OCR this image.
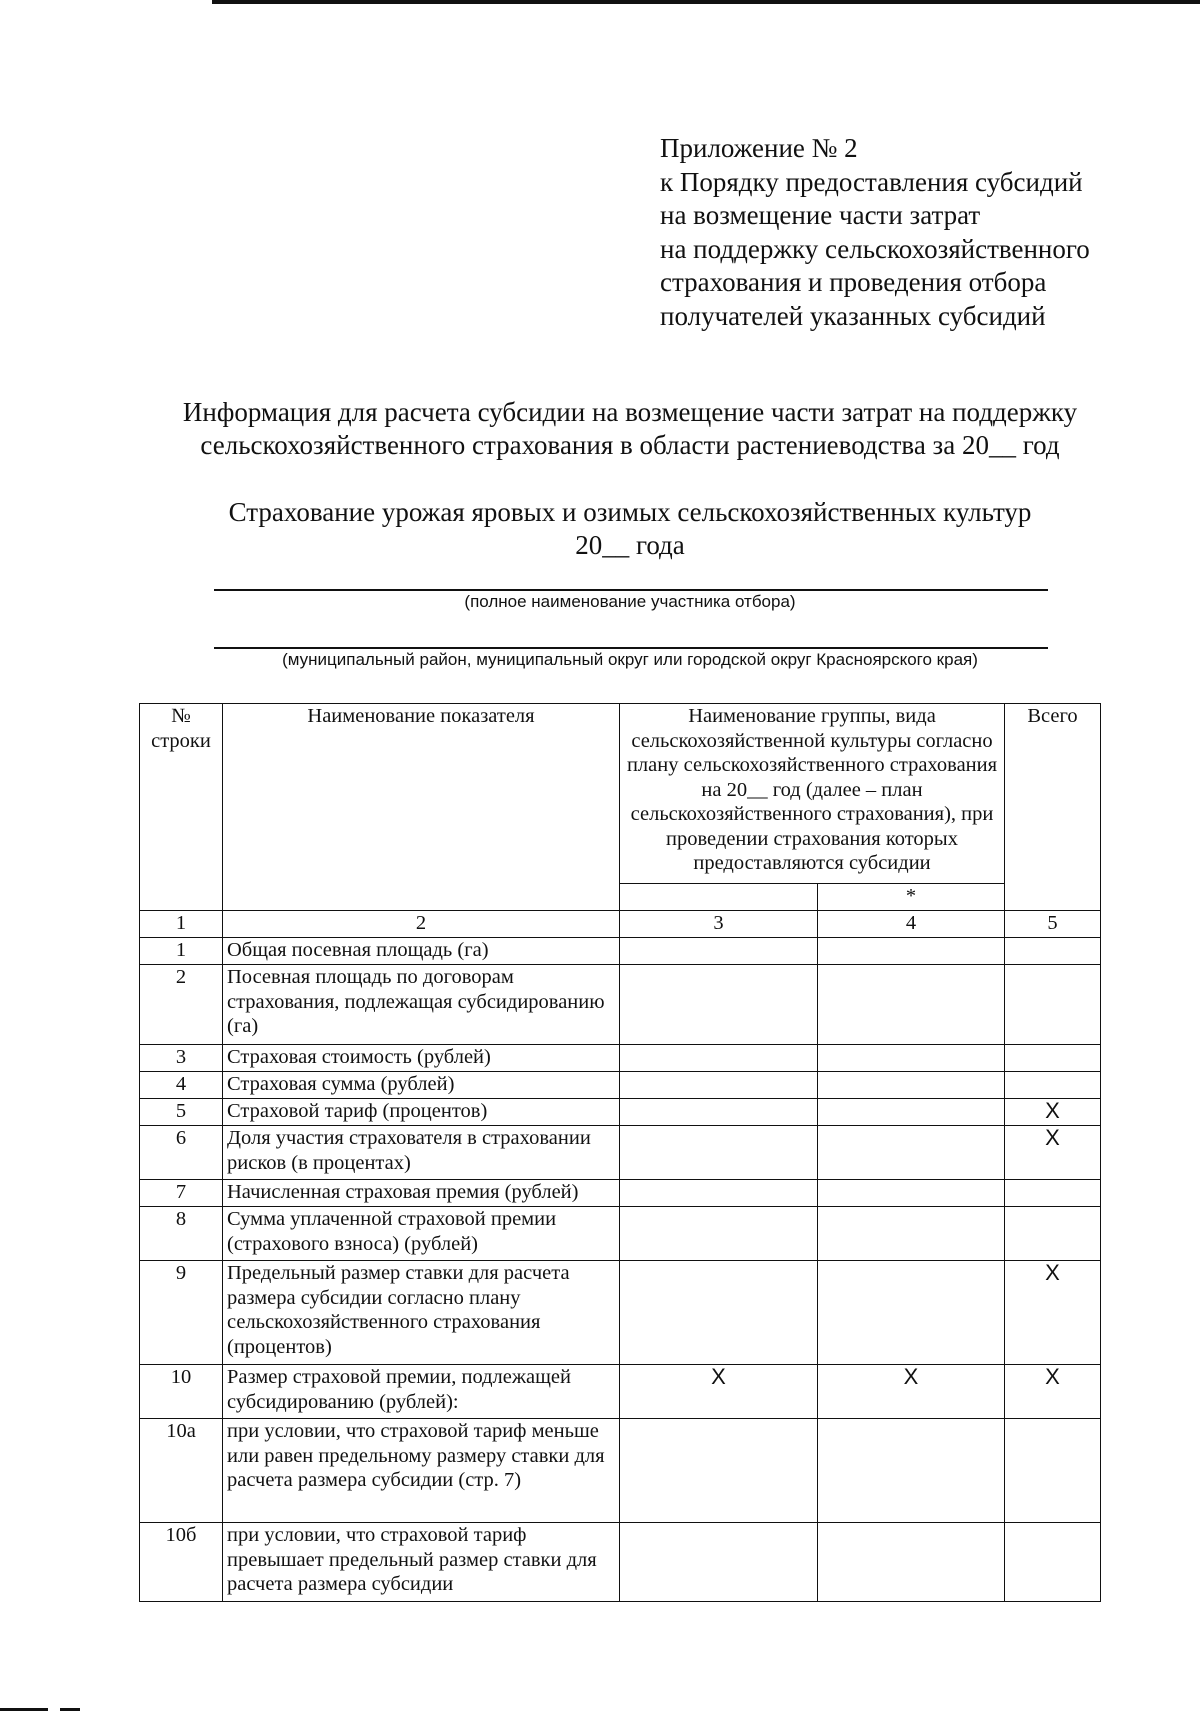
Приложение № 2
к Порядку предоставления субсидий
на возмещение части затрат
на поддержку сельскохозяйственного
страхования и проведения отбора
получателей указанных субсидий
Информация для расчета субсидии на возмещение части затрат на поддержку
сельскохозяйственного страхования в области растениеводства за 20__ год
Страхование урожая яровых и озимых сельскохозяйственных культур
20__ года
(полное наименование участника отбора)
(муниципальный район, муниципальный округ или городской округ Красноярского края)
№ строки	Наименование показателя	Наименование группы, вида сельскохозяйственной культуры согласно плану сельскохозяйственного страхования на 20__ год (далее – план сельскохозяйственного страхования), при проведении страхования которых предоставляются субсидии		Всего
			*	
1	2	3	4	5
1	Общая посевная площадь (га)			
2	Посевная площадь по договорам страхования, подлежащая субсидированию (га)			
3	Страховая стоимость (рублей)			
4	Страховая сумма (рублей)			
5	Страховой тариф (процентов)			X
6	Доля участия страхователя в страховании рисков (в процентах)			X
7	Начисленная страховая премия (рублей)			
8	Сумма уплаченной страховой премии (страхового взноса) (рублей)			
9	Предельный размер ставки для расчета размера субсидии согласно плану сельскохозяйственного страхования (процентов)			X
10	Размер страховой премии, подлежащей субсидированию (рублей):	X	X	X
10а	при условии, что страховой тариф меньше или равен предельному размеру ставки для расчета размера субсидии (стр. 7)			
10б	при условии, что страховой тариф превышает предельный размер ставки для расчета размера субсидии			
